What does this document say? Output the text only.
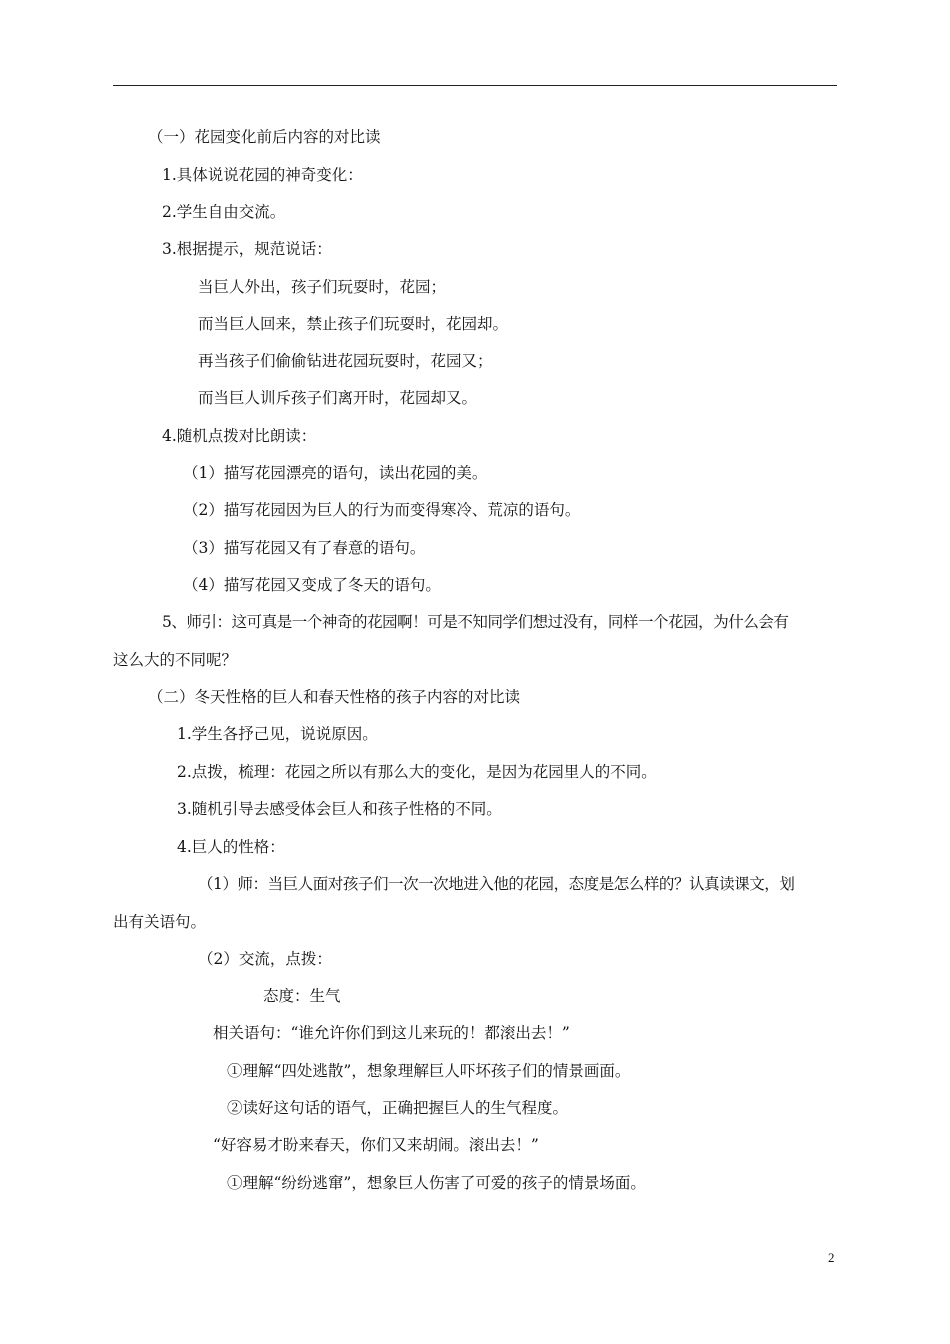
（一）花园变化前后内容的对比读
1.具体说说花园的神奇变化：
2.学生自由交流。
3.根据提示，规范说话：
当巨人外出，孩子们玩耍时，花园；
而当巨人回来，禁止孩子们玩耍时，花园却。
再当孩子们偷偷钻进花园玩耍时，花园又；
而当巨人训斥孩子们离开时，花园却又。
4.随机点拨对比朗读：
（1）描写花园漂亮的语句，读出花园的美。
（2）描写花园因为巨人的行为而变得寒冷、荒凉的语句。
（3）描写花园又有了春意的语句。
（4）描写花园又变成了冬天的语句。
5、师引：这可真是一个神奇的花园啊！可是不知同学们想过没有，同样一个花园，为什么会有
这么大的不同呢？
（二）冬天性格的巨人和春天性格的孩子内容的对比读
1.学生各抒己见，说说原因。
2.点拨，梳理：花园之所以有那么大的变化，是因为花园里人的不同。
3.随机引导去感受体会巨人和孩子性格的不同。
4.巨人的性格：
（1）师：当巨人面对孩子们一次一次地进入他的花园，态度是怎么样的？认真读课文，划
出有关语句。
（2）交流，点拨：
态度：生气
相关语句：“谁允许你们到这儿来玩的！都滚出去！”
①理解“四处逃散”，想象理解巨人吓坏孩子们的情景画面。
②读好这句话的语气，正确把握巨人的生气程度。
“好容易才盼来春天，你们又来胡闹。滚出去！”
①理解“纷纷逃窜”，想象巨人伤害了可爱的孩子的情景场面。
2
